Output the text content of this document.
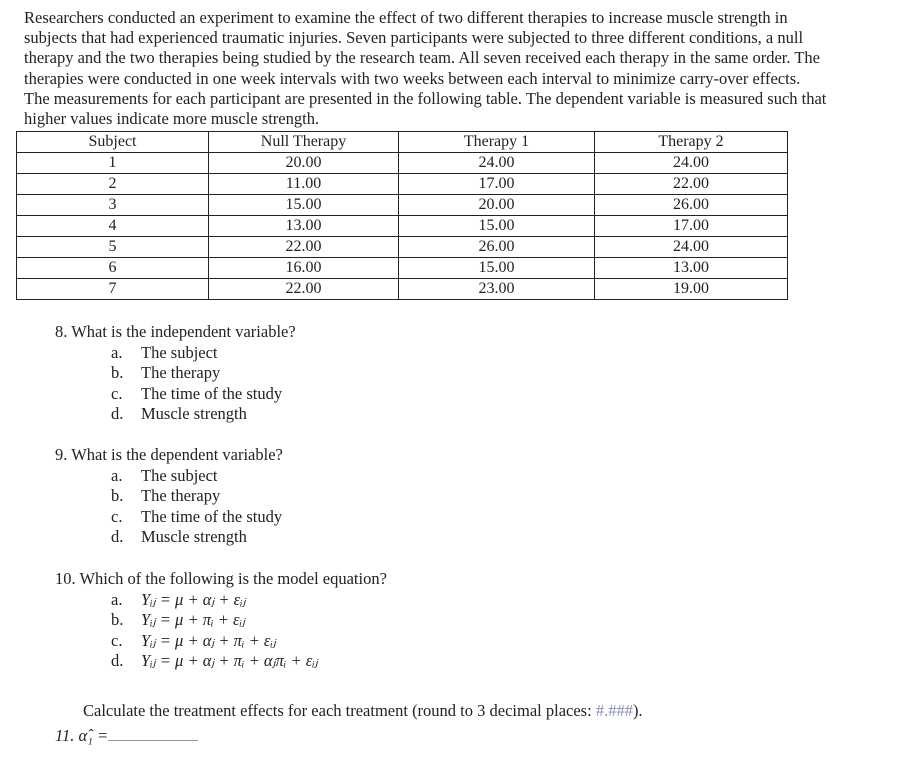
Researchers conducted an experiment to examine the effect of two different therapies to increase muscle strength in
subjects that had experienced traumatic injuries. Seven participants were subjected to three different conditions, a null
therapy and the two therapies being studied by the research team. All seven received each therapy in the same order. The
therapies were conducted in one week intervals with two weeks between each interval to minimize carry-over effects.
The measurements for each participant are presented in the following table. The dependent variable is measured such that
higher values indicate more muscle strength.
Subject	Null Therapy	Therapy 1	Therapy 2
1	20.00	24.00	24.00
2	11.00	17.00	22.00
3	15.00	20.00	26.00
4	13.00	15.00	17.00
5	22.00	26.00	24.00
6	16.00	15.00	13.00
7	22.00	23.00	19.00
8. What is the independent variable?
a. The subject
b. The therapy
c. The time of the study
d. Muscle strength
9. What is the dependent variable?
a. The subject
b. The therapy
c. The time of the study
d. Muscle strength
10. Which of the following is the model equation?
a. Yᵢⱼ = μ + αⱼ + εᵢⱼ
b. Yᵢⱼ = μ + πᵢ + εᵢⱼ
c. Yᵢⱼ = μ + αⱼ + πᵢ + εᵢⱼ
d. Yᵢⱼ = μ + αⱼ + πᵢ + αⱼπᵢ + εᵢⱼ
Calculate the treatment effects for each treatment (round to 3 decimal places: #.###).
11. α̂₁ =
